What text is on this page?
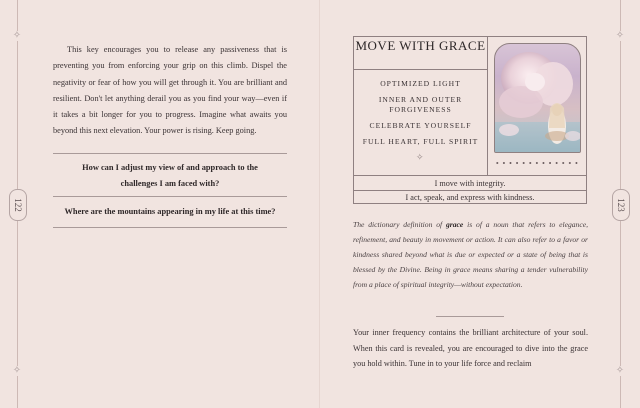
✧
✧
122

This key encourages you to release any passiveness that is preventing you from enforcing your grip on this climb. Dispel the negativity or fear of how you will get through it. You are brilliant and resilient. Don't let anything derail you as you find your way—even if it takes a bit longer for you to progress. Imagine what awaits you beyond this next elevation. Your power is rising. Keep going.

How can I adjust my view of and approach to the challenges I am faced with?

Where are the mountains appearing in my life at this time?

✧
✧
123
MOVE WITH GRACE
OPTIMIZED LIGHT
INNER AND OUTER FORGIVENESS
CELEBRATE YOURSELF
FULL HEART, FULL SPIRIT
✧
I move with integrity.
I act, speak, and express with kindness.

The dictionary definition of grace is of a noun that refers to elegance, refinement, and beauty in movement or action. It can also refer to a favor or kindness shared beyond what is due or expected or a state of being that is blessed by the Divine. Being in grace means sharing a tender vulnerability from a place of spiritual integrity—without expectation.

Your inner frequency contains the brilliant architecture of your soul. When this card is revealed, you are encouraged to dive into the grace you hold within. Tune in to your life force and reclaim
